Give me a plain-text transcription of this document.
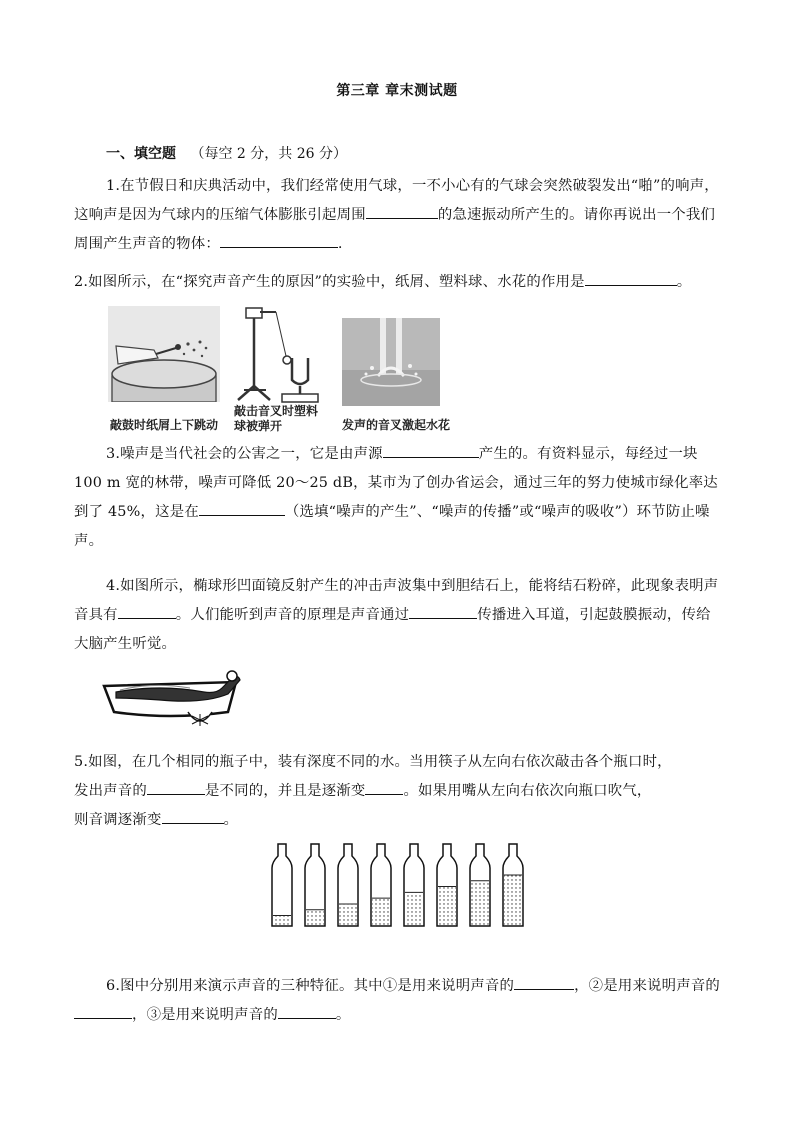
第三章 章末测试题
一、填空题 （每空 2 分，共 26 分）
1.在节假日和庆典活动中，我们经常使用气球，一不小心有的气球会突然破裂发出“啪”的响声，这响声是因为气球内的压缩气体膨胀引起周围	的急速振动所产生的。请你再说出一个我们周围产生声音的物体：	.
2.如图所示，在“探究声音产生的原因”的实验中，纸屑、塑料球、水花的作用是	。
敲鼓时纸屑上下跳动
敲击音叉时塑料球被弹开	发声的音叉激起水花
3.噪声是当代社会的公害之一，它是由声源	产生的。有资料显示，每经过一块 100 m 宽的林带，噪声可降低 20～25 dB，某市为了创办省运会，通过三年的努力使城市绿化率达到了 45%，这是在	（选填“噪声的产生”、“噪声的传播”或“噪声的吸收”）环节防止噪声。
4.如图所示，椭球形凹面镜反射产生的冲击声波集中到胆结石上，能将结石粉碎，此现象表明声音具有	。人们能听到声音的原理是声音通过	传播进入耳道，引起鼓膜振动，传给大脑产生听觉。
5.如图，在几个相同的瓶子中，装有深度不同的水。当用筷子从左向右依次敲击各个瓶口时，
发出声音的	是不同的，并且是逐渐变	。如果用嘴从左向右依次向瓶口吹气，
则音调逐渐变	。
6.图中分别用来演示声音的三种特征。其中①是用来说明声音的	，②是用来说明声音的，③是用来说明声音的	。
